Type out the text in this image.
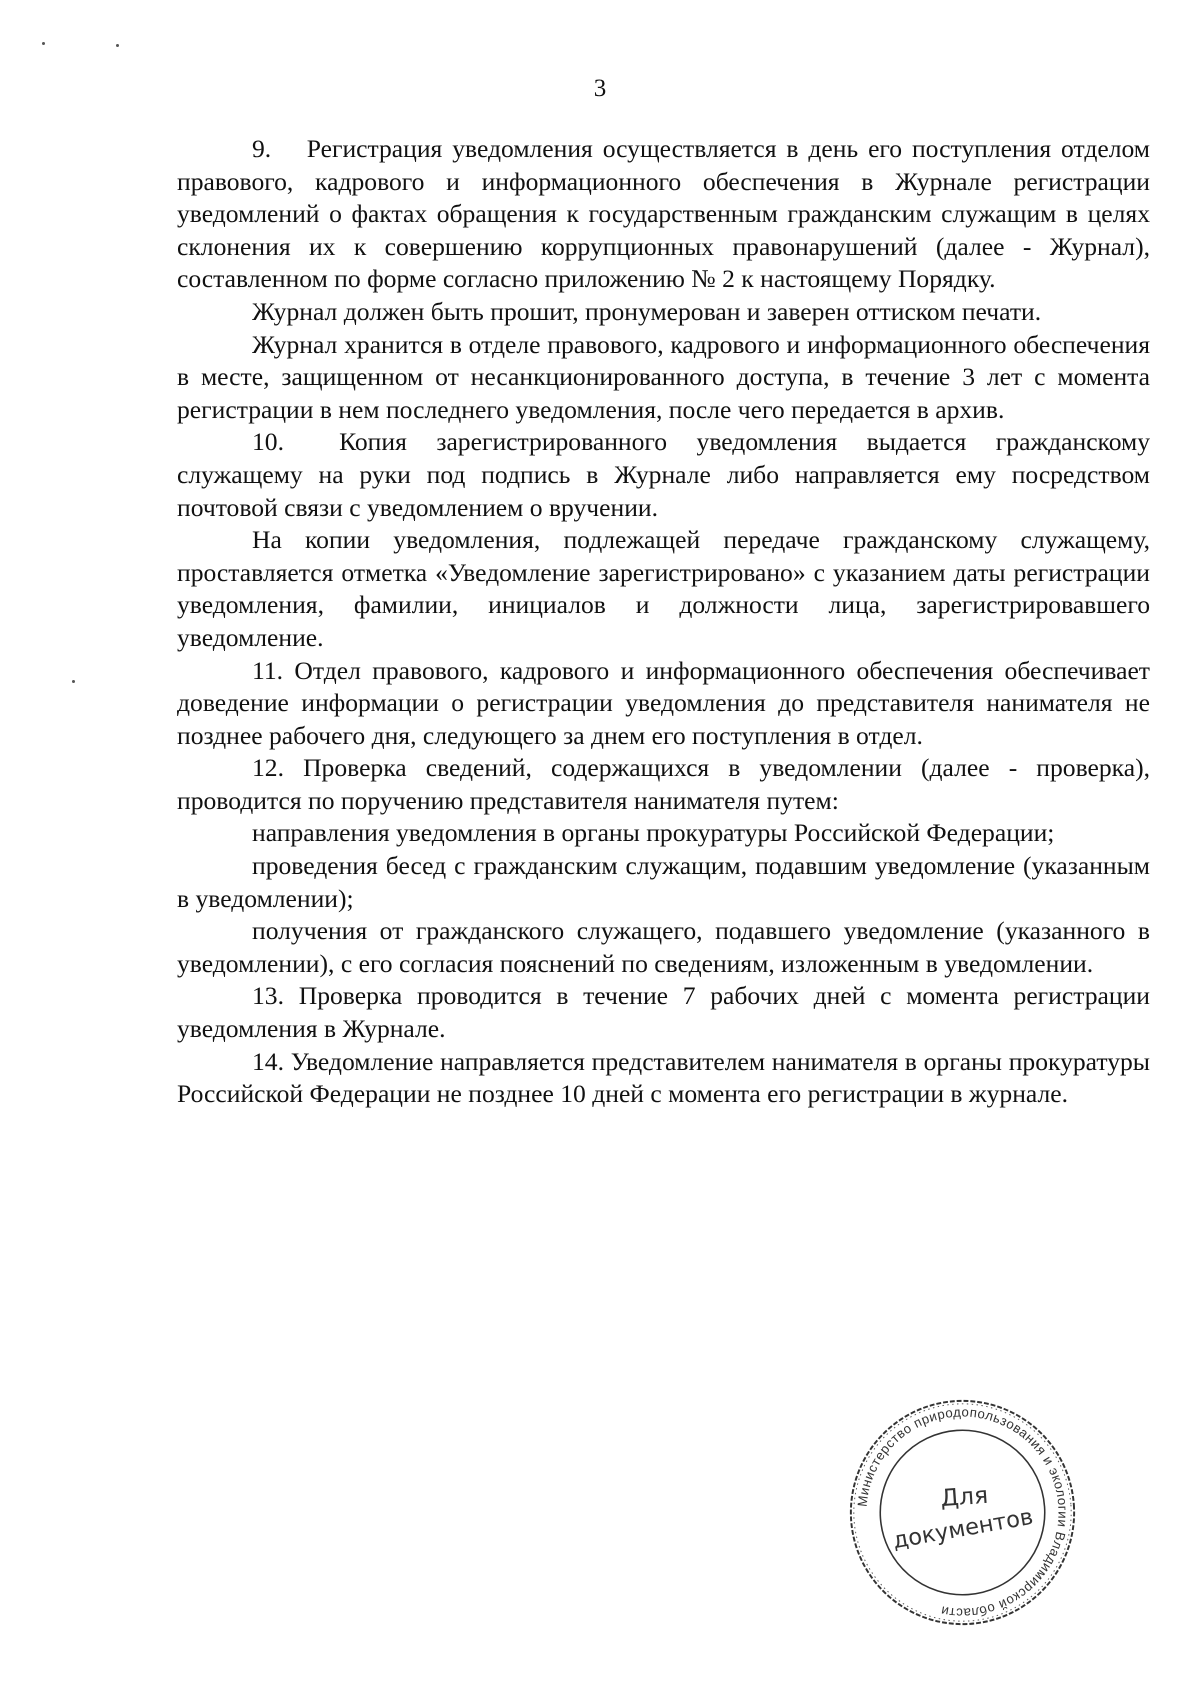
3

9.  Регистрация уведомления осуществляется в день его поступления отделом правового, кадрового и информационного обеспечения в Журнале регистрации уведомлений о фактах обращения к государственным гражданским служащим в целях склонения их к совершению коррупционных правонарушений (далее - Журнал), составленном по форме согласно приложению № 2 к настоящему Порядку.

Журнал должен быть прошит, пронумерован и заверен оттиском печати.

Журнал хранится в отделе правового, кадрового и информационного обеспечения в месте, защищенном от несанкционированного доступа, в течение 3 лет с момента регистрации в нем последнего уведомления, после чего передается в архив.

10.  Копия зарегистрированного уведомления выдается гражданскому служащему на руки под подпись в Журнале либо направляется ему посредством почтовой связи с уведомлением о вручении.

На копии уведомления, подлежащей передаче гражданскому служащему, проставляется отметка «Уведомление зарегистрировано» с указанием даты регистрации уведомления, фамилии, инициалов и должности лица, зарегистрировавшего уведомление.

11. Отдел правового, кадрового и информационного обеспечения обеспечивает доведение информации о регистрации уведомления до представителя нанимателя не позднее рабочего дня, следующего за днем его поступления в отдел.

12. Проверка сведений, содержащихся в уведомлении (далее - проверка), проводится по поручению представителя нанимателя путем:

направления уведомления в органы прокуратуры Российской Федерации;

проведения бесед с гражданским служащим, подавшим уведомление (указанным в уведомлении);

получения от гражданского служащего, подавшего уведомление (указанного в уведомлении), с его согласия пояснений по сведениям, изложенным в уведомлении.

13. Проверка проводится в течение 7 рабочих дней с момента регистрации уведомления в Журнале.

14. Уведомление направляется представителем нанимателя в органы прокуратуры Российской Федерации не позднее 10 дней с момента его регистрации в журнале.

Министерство природопользования и экологии Владимирской области
Для
документов
